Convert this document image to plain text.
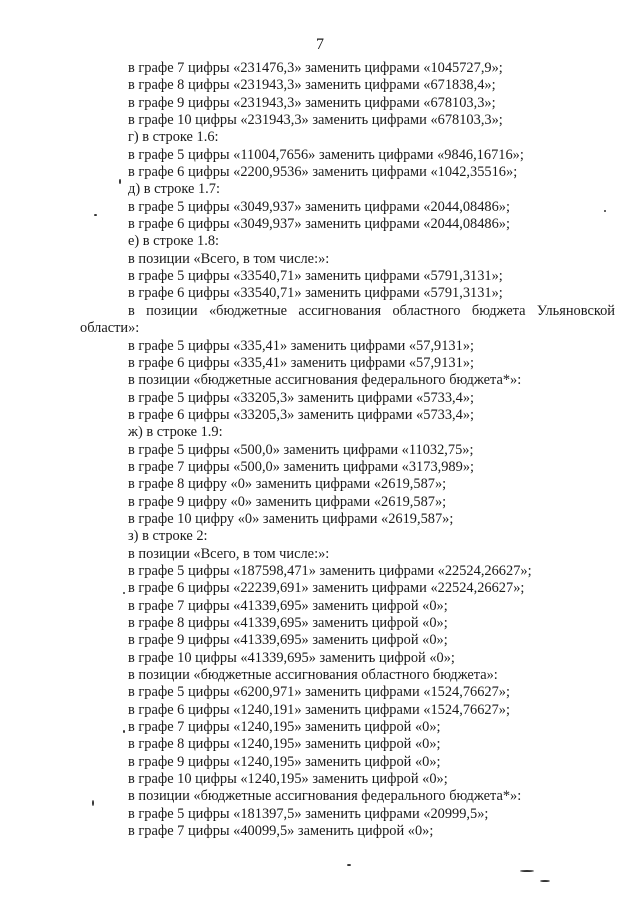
7
в графе 7 цифры «231476,3» заменить цифрами «1045727,9»;
в графе 8 цифры «231943,3» заменить цифрами «671838,4»;
в графе 9 цифры «231943,3» заменить цифрами «678103,3»;
в графе 10 цифры «231943,3» заменить цифрами «678103,3»;
г) в строке 1.6:
в графе 5 цифры «11004,7656» заменить цифрами «9846,16716»;
в графе 6 цифры «2200,9536» заменить цифрами «1042,35516»;
д) в строке 1.7:
в графе 5 цифры «3049,937» заменить цифрами «2044,08486»;
в графе 6 цифры «3049,937» заменить цифрами «2044,08486»;
е) в строке 1.8:
в позиции «Всего, в том числе:»:
в графе 5 цифры «33540,71» заменить цифрами «5791,3131»;
в графе 6 цифры «33540,71» заменить цифрами «5791,3131»;
в позиции «бюджетные ассигнования областного бюджета Ульяновской
области»:
в графе 5 цифры «335,41» заменить цифрами «57,9131»;
в графе 6 цифры «335,41» заменить цифрами «57,9131»;
в позиции «бюджетные ассигнования федерального бюджета*»:
в графе 5 цифры «33205,3» заменить цифрами «5733,4»;
в графе 6 цифры «33205,3» заменить цифрами «5733,4»;
ж) в строке 1.9:
в графе 5 цифры «500,0» заменить цифрами «11032,75»;
в графе 7 цифры «500,0» заменить цифрами «3173,989»;
в графе 8 цифру «0» заменить цифрами «2619,587»;
в графе 9 цифру «0» заменить цифрами «2619,587»;
в графе 10 цифру «0» заменить цифрами «2619,587»;
з) в строке 2:
в позиции «Всего, в том числе:»:
в графе 5 цифры «187598,471» заменить цифрами «22524,26627»;
в графе 6 цифры «22239,691» заменить цифрами «22524,26627»;
в графе 7 цифры «41339,695» заменить цифрой «0»;
в графе 8 цифры «41339,695» заменить цифрой «0»;
в графе 9 цифры «41339,695» заменить цифрой «0»;
в графе 10 цифры «41339,695» заменить цифрой «0»;
в позиции «бюджетные ассигнования областного бюджета»:
в графе 5 цифры «6200,971» заменить цифрами «1524,76627»;
в графе 6 цифры «1240,191» заменить цифрами «1524,76627»;
в графе 7 цифры «1240,195» заменить цифрой «0»;
в графе 8 цифры «1240,195» заменить цифрой «0»;
в графе 9 цифры «1240,195» заменить цифрой «0»;
в графе 10 цифры «1240,195» заменить цифрой «0»;
в позиции «бюджетные ассигнования федерального бюджета*»:
в графе 5 цифры «181397,5» заменить цифрами «20999,5»;
в графе 7 цифры «40099,5» заменить цифрой «0»;
